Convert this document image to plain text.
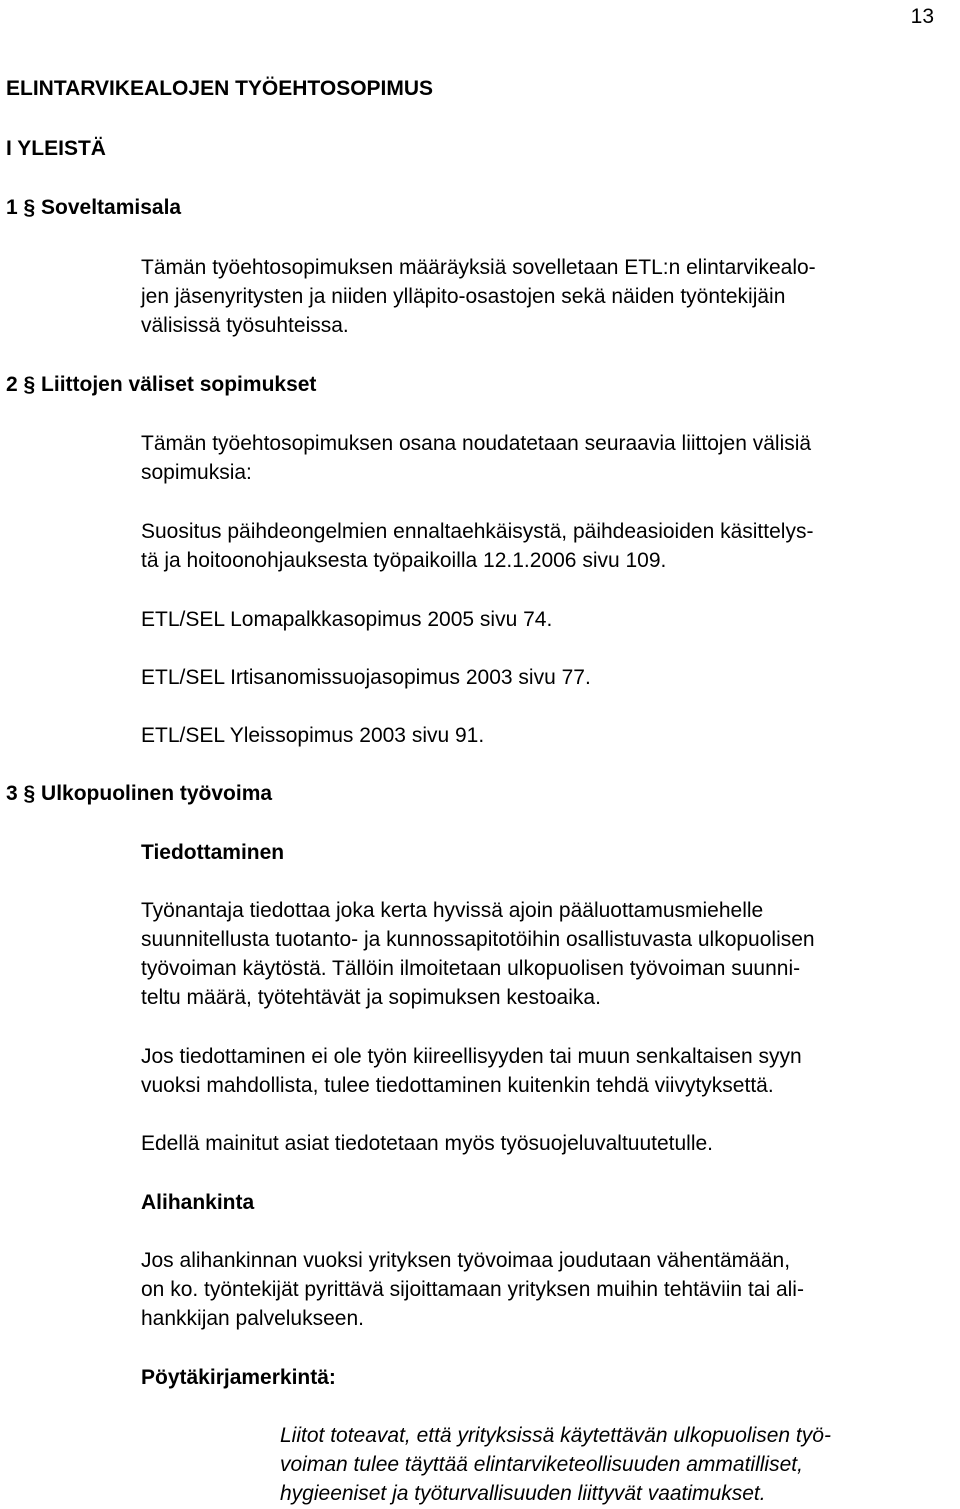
13
ELINTARVIKEALOJEN TYÖEHTOSOPIMUS
I YLEISTÄ
1 § Soveltamisala
Tämän työehtosopimuksen määräyksiä sovelletaan ETL:n elintarvikealo-
jen jäsenyritysten ja niiden ylläpito-osastojen sekä näiden työntekijäin
välisissä työsuhteissa.
2 § Liittojen väliset sopimukset
Tämän työehtosopimuksen osana noudatetaan seuraavia liittojen välisiä
sopimuksia:
Suositus päihdeongelmien ennaltaehkäisystä, päihdeasioiden käsittelys-
tä ja hoitoonohjauksesta työpaikoilla 12.1.2006 sivu 109.
ETL/SEL Lomapalkkasopimus 2005 sivu 74.
ETL/SEL Irtisanomissuojasopimus 2003 sivu 77.
ETL/SEL Yleissopimus 2003 sivu 91.
3 § Ulkopuolinen työvoima
Tiedottaminen
Työnantaja tiedottaa joka kerta hyvissä ajoin pääluottamusmiehelle
suunnitellusta tuotanto- ja kunnossapitotöihin osallistuvasta ulkopuolisen
työvoiman käytöstä. Tällöin ilmoitetaan ulkopuolisen työvoiman suunni-
teltu määrä, työtehtävät ja sopimuksen kestoaika.
Jos tiedottaminen ei ole työn kiireellisyyden tai muun senkaltaisen syyn
vuoksi mahdollista, tulee tiedottaminen kuitenkin tehdä viivytyksettä.
Edellä mainitut asiat tiedotetaan myös työsuojeluvaltuutetulle.
Alihankinta
Jos alihankinnan vuoksi yrityksen työvoimaa joudutaan vähentämään,
on ko. työntekijät pyrittävä sijoittamaan yrityksen muihin tehtäviin tai ali-
hankkijan palvelukseen.
Pöytäkirjamerkintä:
Liitot toteavat, että yrityksissä käytettävän ulkopuolisen työ-
voiman tulee täyttää elintarviketeollisuuden ammatilliset,
hygieeniset ja työturvallisuuden liittyvät vaatimukset.
